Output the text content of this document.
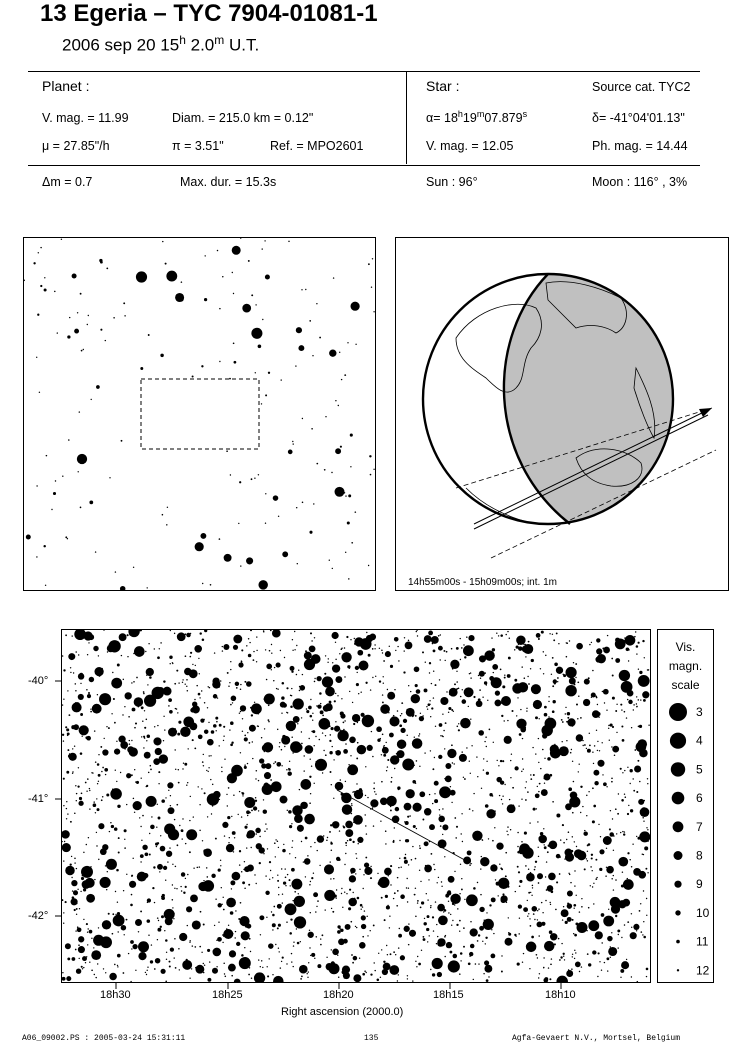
13 Egeria – TYC 7904-01081-1
2006 sep 20 15$^h$ 2.0$^m$ U.T.
Planet :
V. mag. = 11.99	Diam. = 215.0 km = 0.12"
μ = 27.85"/h	π = 3.51"	Ref. = MPO2601
Star :	Source cat. TYC2
$\alpha= 18^h19^m07.879^s$	δ= -41°04'01.13"
V. mag. = 12.05	Ph. mag. = 14.44
Δm = 0.7	Max. dur. = 15.3s	Sun : 96°	Moon : 116° , 3%
14h55m00s - 15h09m00s; int. 1m
-40°
-41°
-42°
18h30	18h25	18h20	18h15	18h10
Right ascension (2000.0)
Vis.
magn.
scale
3
4
5
6
7
8
9
10
11
12
A06_09002.PS : 2005-03-24 15:31:11	135	Agfa-Gevaert N.V., Mortsel, Belgium
